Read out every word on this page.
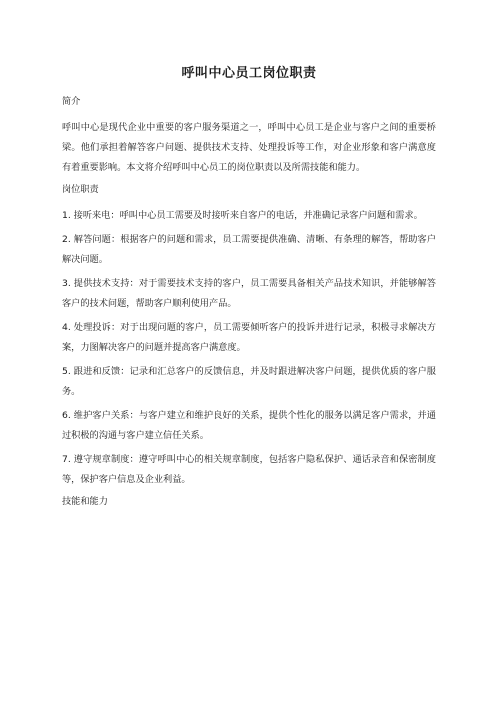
呼叫中心员工岗位职责

简介

呼叫中心是现代企业中重要的客户服务渠道之一，呼叫中心员工是企业与客户之间的重要桥梁。他们承担着解答客户问题、提供技术支持、处理投诉等工作，对企业形象和客户满意度有着重要影响。本文将介绍呼叫中心员工的岗位职责以及所需技能和能力。

岗位职责

1. 接听来电：呼叫中心员工需要及时接听来自客户的电话，并准确记录客户问题和需求。

2. 解答问题：根据客户的问题和需求，员工需要提供准确、清晰、有条理的解答，帮助客户解决问题。

3. 提供技术支持：对于需要技术支持的客户，员工需要具备相关产品技术知识，并能够解答客户的技术问题，帮助客户顺利使用产品。

4. 处理投诉：对于出现问题的客户，员工需要倾听客户的投诉并进行记录，积极寻求解决方案，力图解决客户的问题并提高客户满意度。

5. 跟进和反馈：记录和汇总客户的反馈信息，并及时跟进解决客户问题，提供优质的客户服务。

6. 维护客户关系：与客户建立和维护良好的关系，提供个性化的服务以满足客户需求，并通过积极的沟通与客户建立信任关系。

7. 遵守规章制度：遵守呼叫中心的相关规章制度，包括客户隐私保护、通话录音和保密制度等，保护客户信息及企业利益。

技能和能力
